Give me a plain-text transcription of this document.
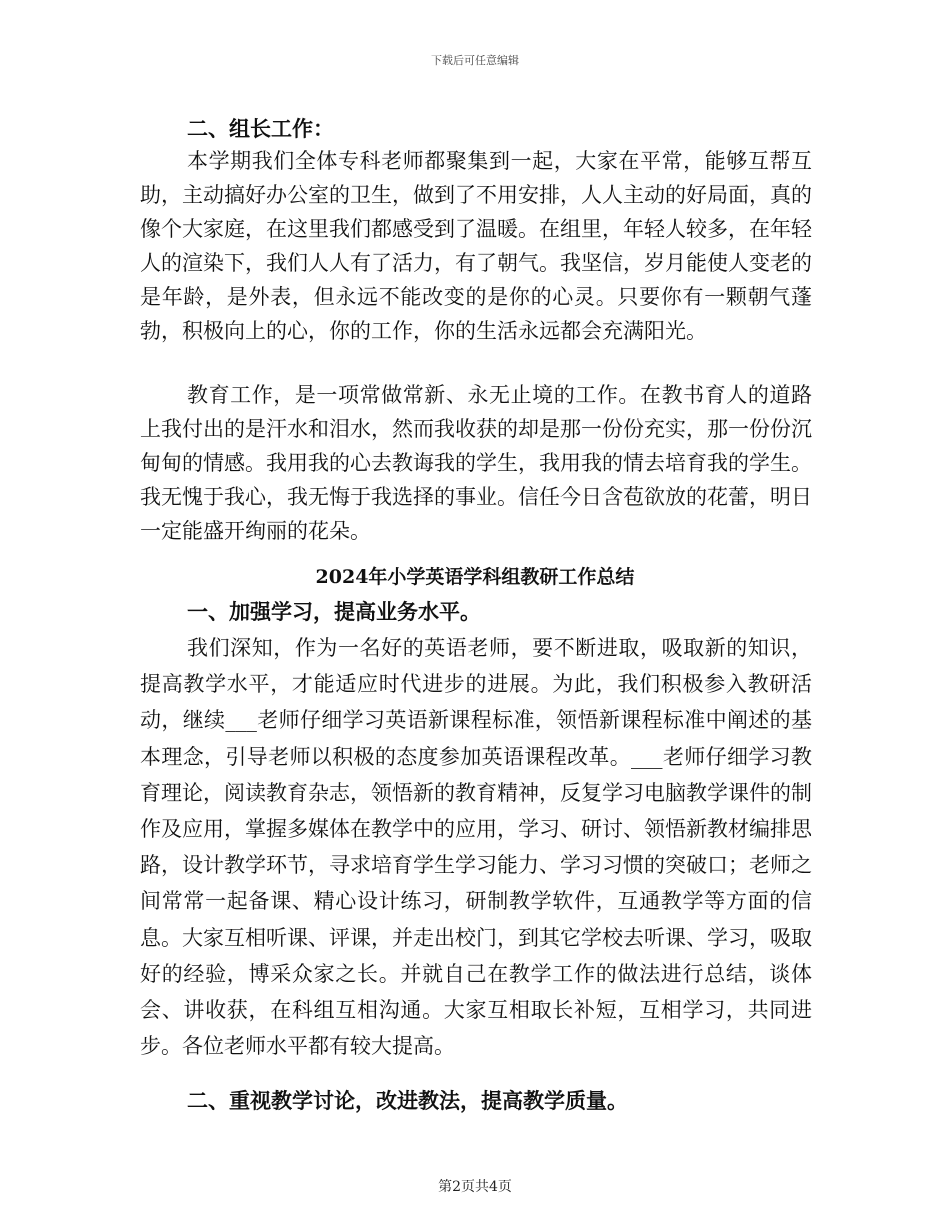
下载后可任意编辑

二、组长工作：

本学期我们全体专科老师都聚集到一起，大家在平常，能够互帮互助，主动搞好办公室的卫生，做到了不用安排，人人主动的好局面，真的像个大家庭，在这里我们都感受到了温暖。在组里，年轻人较多，在年轻人的渲染下，我们人人有了活力，有了朝气。我坚信，岁月能使人变老的是年龄，是外表，但永远不能改变的是你的心灵。只要你有一颗朝气蓬勃，积极向上的心，你的工作，你的生活永远都会充满阳光。

教育工作，是一项常做常新、永无止境的工作。在教书育人的道路上我付出的是汗水和泪水，然而我收获的却是那一份份充实，那一份份沉甸甸的情感。我用我的心去教诲我的学生，我用我的情去培育我的学生。我无愧于我心，我无悔于我选择的事业。信任今日含苞欲放的花蕾，明日一定能盛开绚丽的花朵。

2024年小学英语学科组教研工作总结

一、加强学习，提高业务水平。

我们深知，作为一名好的英语老师，要不断进取，吸取新的知识，提高教学水平，才能适应时代进步的进展。为此，我们积极参入教研活动，继续___老师仔细学习英语新课程标准，领悟新课程标准中阐述的基本理念，引导老师以积极的态度参加英语课程改革。___老师仔细学习教育理论，阅读教育杂志，领悟新的教育精神，反复学习电脑教学课件的制作及应用，掌握多媒体在教学中的应用，学习、研讨、领悟新教材编排思路，设计教学环节，寻求培育学生学习能力、学习习惯的突破口；老师之间常常一起备课、精心设计练习，研制教学软件，互通教学等方面的信息。大家互相听课、评课，并走出校门，到其它学校去听课、学习，吸取好的经验，博采众家之长。并就自己在教学工作的做法进行总结，谈体会、讲收获，在科组互相沟通。大家互相取长补短，互相学习，共同进步。各位老师水平都有较大提高。

二、重视教学讨论，改进教法，提高教学质量。

第2页共4页
